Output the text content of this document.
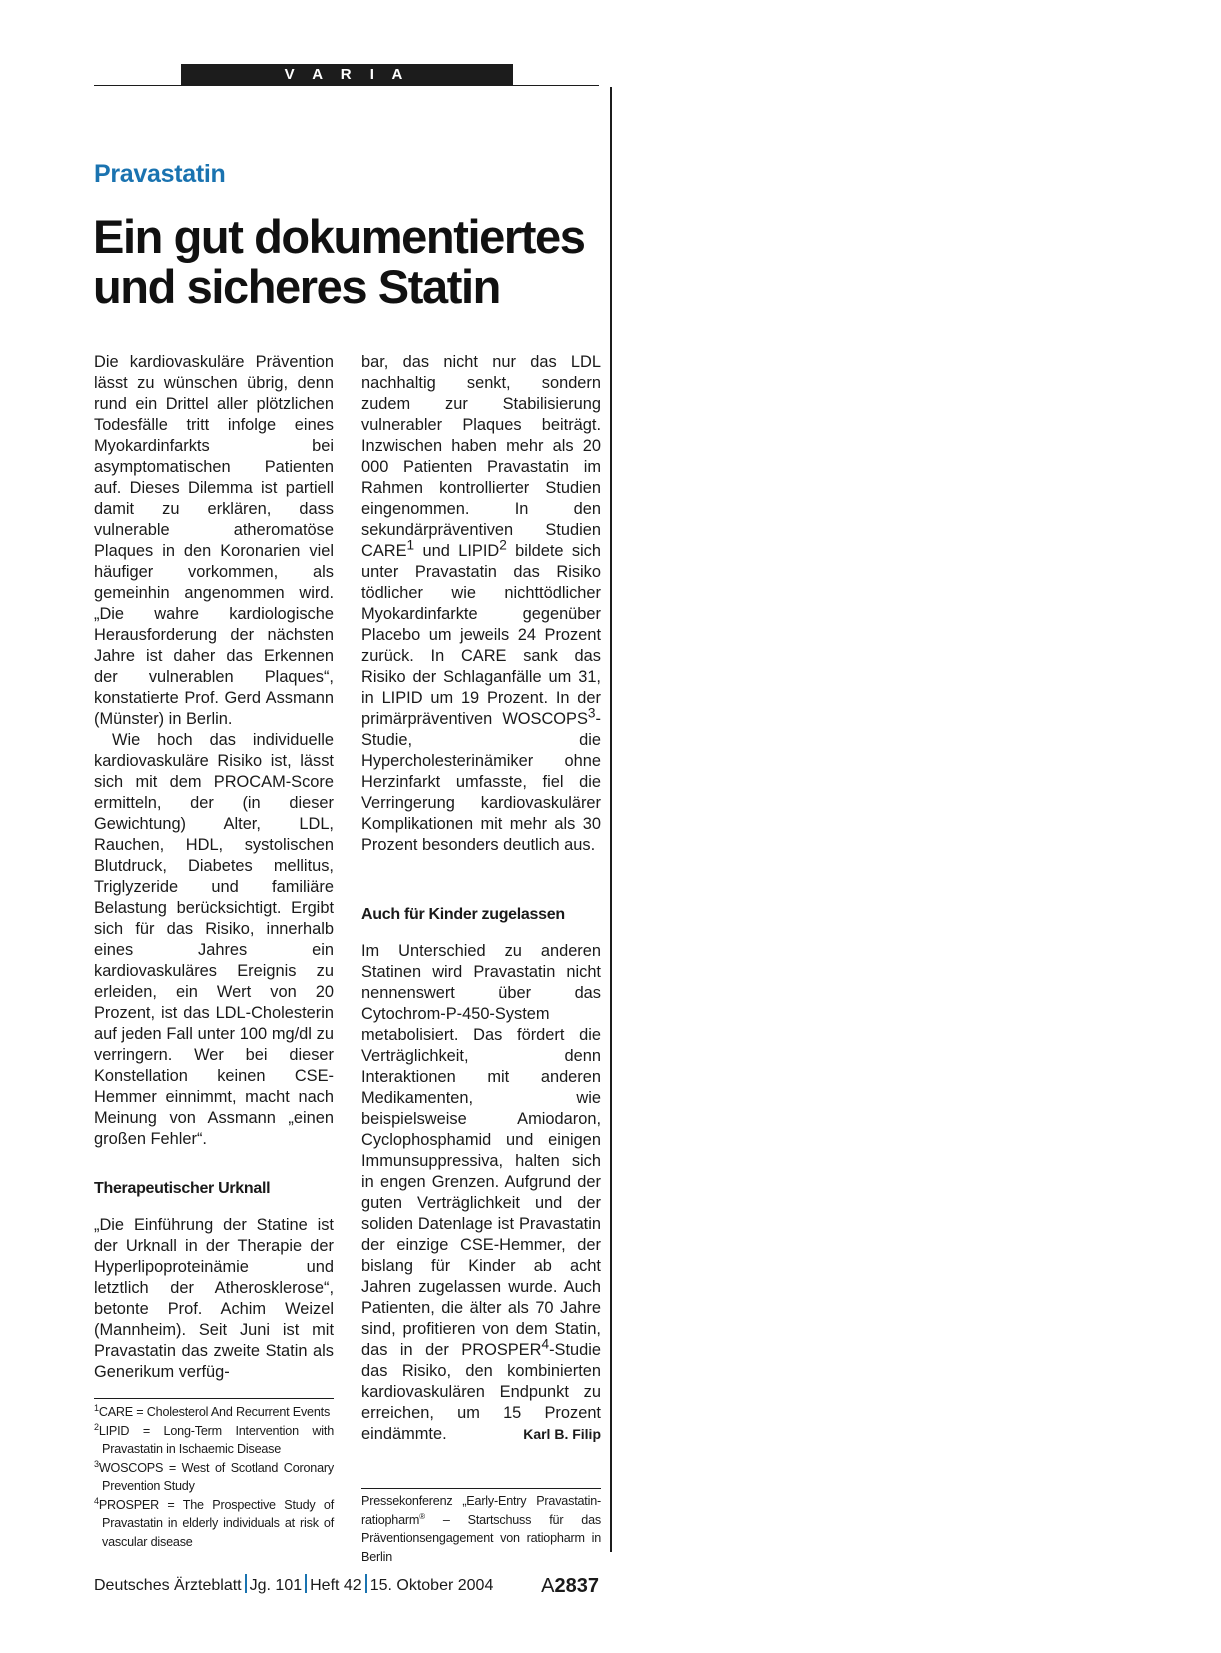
V A R I A
Pravastatin
Ein gut dokumentiertes und sicheres Statin

Die kardiovaskuläre Prävention lässt zu wünschen übrig, denn rund ein Drittel aller plötzlichen Todesfälle tritt infolge eines Myokardinfarkts bei asymptomatischen Patienten auf. Dieses Dilemma ist partiell damit zu erklären, dass vulnerable atheromatöse Plaques in den Koronarien viel häufiger vorkommen, als gemeinhin angenommen wird. „Die wahre kardiologische Herausforderung der nächsten Jahre ist daher das Erkennen der vulnerablen Plaques“, konstatierte Prof. Gerd Assmann (Münster) in Berlin.

Wie hoch das individuelle kardiovaskuläre Risiko ist, lässt sich mit dem PROCAM-Score ermitteln, der (in dieser Gewichtung) Alter, LDL, Rauchen, HDL, systolischen Blutdruck, Diabetes mellitus, Triglyzeride und familiäre Belastung berücksichtigt. Ergibt sich für das Risiko, innerhalb eines Jahres ein kardiovaskuläres Ereignis zu erleiden, ein Wert von 20 Prozent, ist das LDL-Cholesterin auf jeden Fall unter 100 mg/dl zu verringern. Wer bei dieser Konstellation keinen CSE-Hemmer einnimmt, macht nach Meinung von Assmann „einen großen Fehler“.

Therapeutischer Urknall

„Die Einführung der Statine ist der Urknall in der Therapie der Hyperlipoproteinämie und letztlich der Atherosklerose“, betonte Prof. Achim Weizel (Mannheim). Seit Juni ist mit Pravastatin das zweite Statin als Generikum verfüg-

$^1$CARE = Cholesterol And Recurrent Events
$^2$LIPID = Long-Term Intervention with Pravastatin in Ischaemic Disease
$^3$WOSCOPS = West of Scotland Coronary Prevention Study
$^4$PROSPER = The Prospective Study of Pravastatin in elderly individuals at risk of vascular disease

bar, das nicht nur das LDL nachhaltig senkt, sondern zudem zur Stabilisierung vulnerabler Plaques beiträgt. Inzwischen haben mehr als 20 000 Patienten Pravastatin im Rahmen kontrollierter Studien eingenommen. In den sekundärpräventiven Studien CARE$^1$ und LIPID$^2$ bildete sich unter Pravastatin das Risiko tödlicher wie nichttödlicher Myokardinfarkte gegenüber Placebo um jeweils 24 Prozent zurück. In CARE sank das Risiko der Schlaganfälle um 31, in LIPID um 19 Prozent. In der primärpräventiven WOSCOPS$^3$-Studie, die Hypercholesterinämiker ohne Herzinfarkt umfasste, fiel die Verringerung kardiovaskulärer Komplikationen mit mehr als 30 Prozent besonders deutlich aus.

Auch für Kinder zugelassen

Im Unterschied zu anderen Statinen wird Pravastatin nicht nennenswert über das Cytochrom-P-450-System metabolisiert. Das fördert die Verträglichkeit, denn Interaktionen mit anderen Medikamenten, wie beispielsweise Amiodaron, Cyclophosphamid und einigen Immunsuppressiva, halten sich in engen Grenzen. Aufgrund der guten Verträglichkeit und der soliden Datenlage ist Pravastatin der einzige CSE-Hemmer, der bislang für Kinder ab acht Jahren zugelassen wurde. Auch Patienten, die älter als 70 Jahre sind, profitieren von dem Statin, das in der PROSPER$^4$-Studie das Risiko, den kombinierten kardiovaskulären Endpunkt zu erreichen, um 15 Prozent eindämmte.	Karl B. Filip

Pressekonferenz „Early-Entry Pravastatin-ratiopharm® – Startschuss für das Präventionsengagement von ratiopharm in Berlin
Deutsches Ärzteblatt Jg. 101 Heft 42 15. Oktober 2004 A2837
